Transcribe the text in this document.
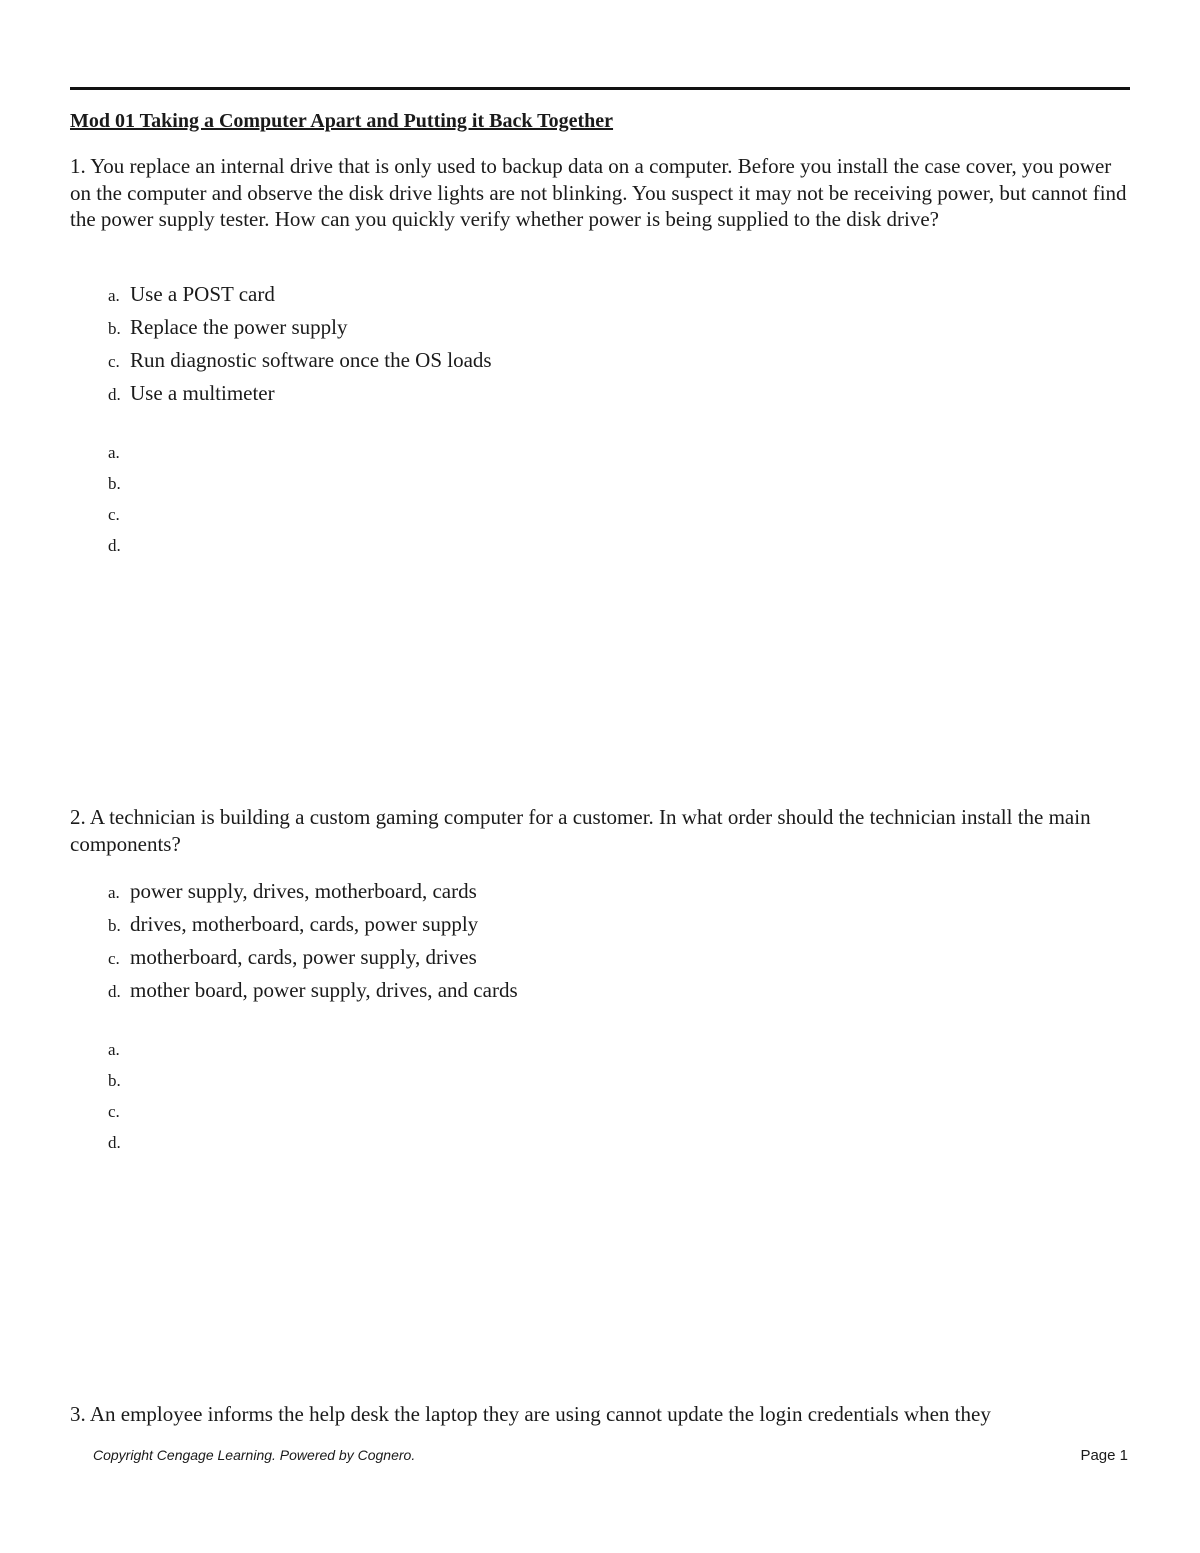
Mod 01 Taking a Computer Apart and Putting it Back Together
1. You replace an internal drive that is only used to backup data on a computer. Before you install the case cover, you power on the computer and observe the disk drive lights are not blinking. You suspect it may not be receiving power, but cannot find the power supply tester. How can you quickly verify whether power is being supplied to the disk drive?
a. Use a POST card
b. Replace the power supply
c. Run diagnostic software once the OS loads
d. Use a multimeter
a.
b.
c.
d.
2. A technician is building a custom gaming computer for a customer. In what order should the technician install the main components?
a. power supply, drives, motherboard, cards
b. drives, motherboard, cards, power supply
c. motherboard, cards, power supply, drives
d. mother board, power supply, drives, and cards
a.
b.
c.
d.
3. An employee informs the help desk the laptop they are using cannot update the login credentials when they
Copyright Cengage Learning. Powered by Cognero.	Page 1
